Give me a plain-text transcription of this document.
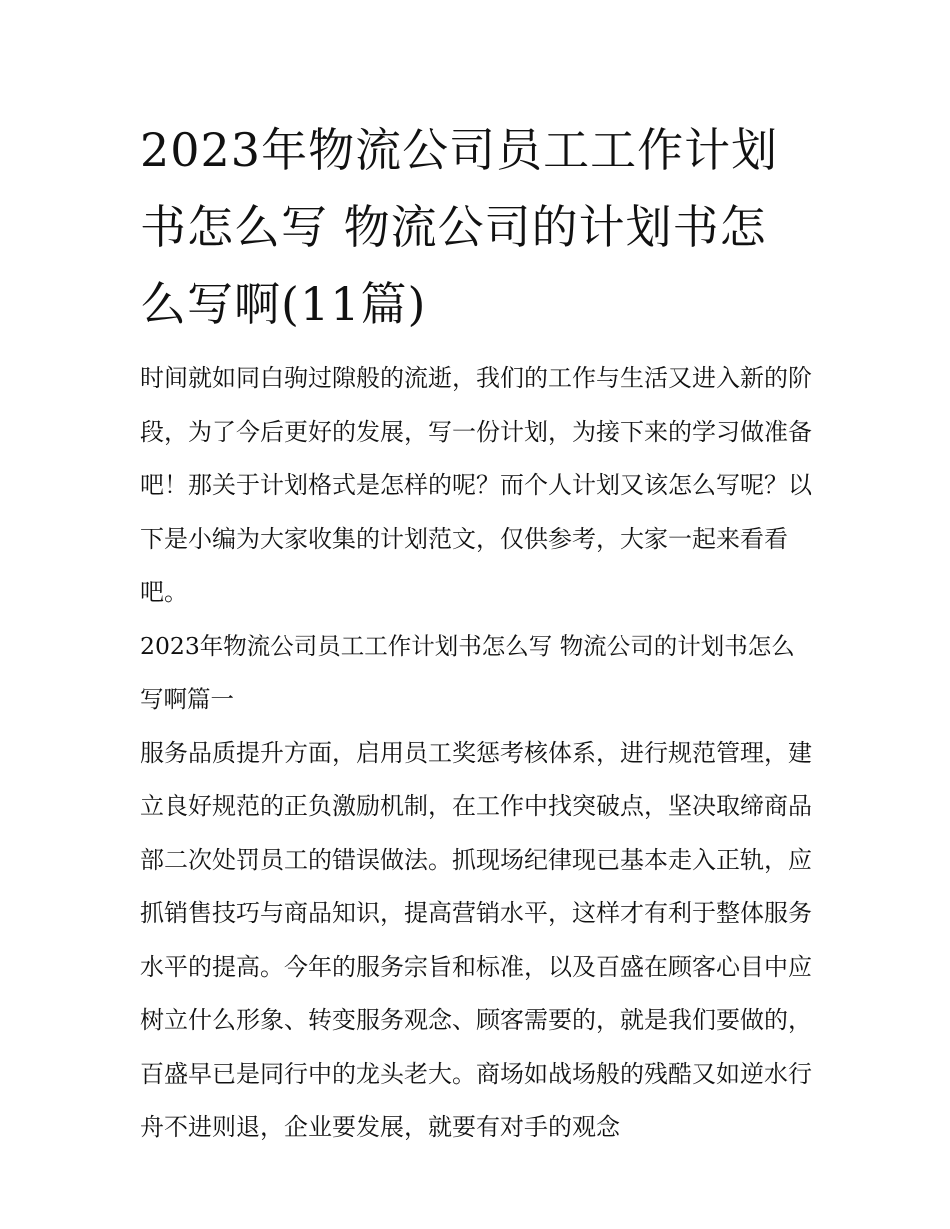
2023年物流公司员工工作计划书怎么写 物流公司的计划书怎么写啊(11篇)

时间就如同白驹过隙般的流逝，我们的工作与生活又进入新的阶段，为了今后更好的发展，写一份计划，为接下来的学习做准备吧！那关于计划格式是怎样的呢？而个人计划又该怎么写呢？以下是小编为大家收集的计划范文，仅供参考，大家一起来看看吧。

2023年物流公司员工工作计划书怎么写 物流公司的计划书怎么写啊篇一

服务品质提升方面，启用员工奖惩考核体系，进行规范管理，建立良好规范的正负激励机制，在工作中找突破点，坚决取缔商品部二次处罚员工的错误做法。抓现场纪律现已基本走入正轨，应抓销售技巧与商品知识，提高营销水平，这样才有利于整体服务水平的提高。今年的服务宗旨和标准，以及百盛在顾客心目中应树立什么形象、转变服务观念、顾客需要的，就是我们要做的，百盛早已是同行中的龙头老大。商场如战场般的残酷又如逆水行舟不进则退，企业要发展，就要有对手的观念
